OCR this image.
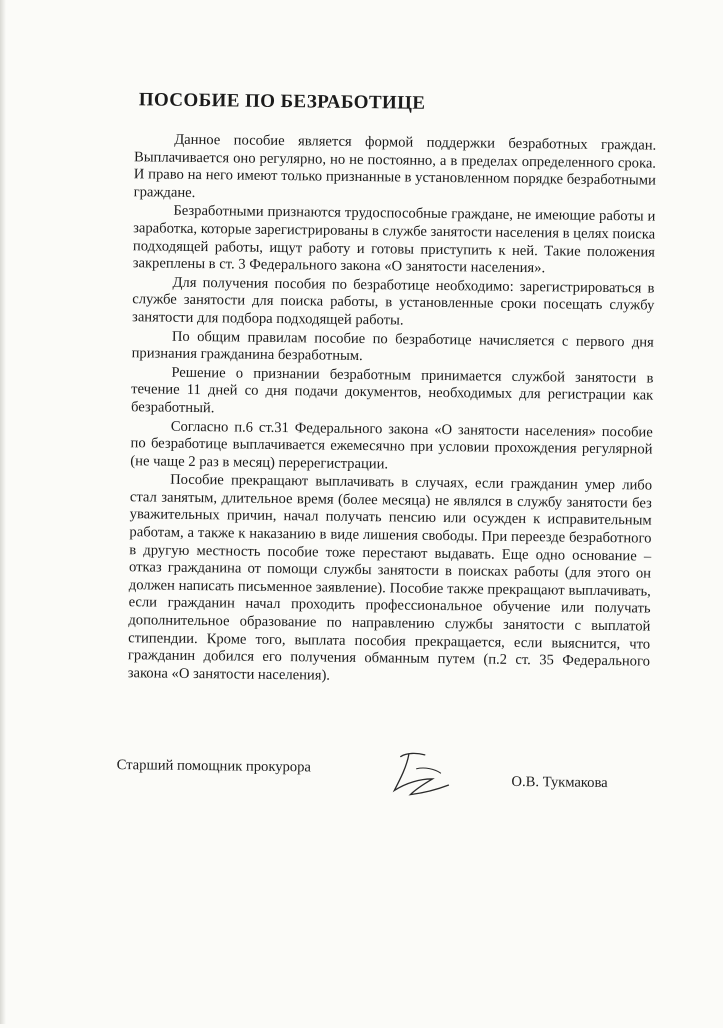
ПОСОБИЕ ПО БЕЗРАБОТИЦЕ

Данное пособие является формой поддержки безработных граждан. Выплачивается оно регулярно, но не постоянно, а в пределах определенного срока. И право на него имеют только признанные в установленном порядке безработными граждане.

Безработными признаются трудоспособные граждане, не имеющие работы и заработка, которые зарегистрированы в службе занятости населения в целях поиска подходящей работы, ищут работу и готовы приступить к ней. Такие положения закреплены в ст. 3 Федерального закона «О занятости населения».

Для получения пособия по безработице необходимо: зарегистрироваться в службе занятости для поиска работы, в установленные сроки посещать службу занятости для подбора подходящей работы.

По общим правилам пособие по безработице начисляется с первого дня признания гражданина безработным.

Решение о признании безработным принимается службой занятости в течение 11 дней со дня подачи документов, необходимых для регистрации как безработный.

Согласно п.6 ст.31 Федерального закона «О занятости населения» пособие по безработице выплачивается ежемесячно при условии прохождения регулярной (не чаще 2 раз в месяц) перерегистрации.

Пособие прекращают выплачивать в случаях, если гражданин умер либо стал занятым, длительное время (более месяца) не являлся в службу занятости без уважительных причин, начал получать пенсию или осужден к исправительным работам, а также к наказанию в виде лишения свободы. При переезде безработного в другую местность пособие тоже перестают выдавать. Еще одно основание – отказ гражданина от помощи службы занятости в поисках работы (для этого он должен написать письменное заявление). Пособие также прекращают выплачивать, если гражданин начал проходить профессиональное обучение или получать дополнительное образование по направлению службы занятости с выплатой стипендии. Кроме того, выплата пособия прекращается, если выяснится, что гражданин добился его получения обманным путем (п.2 ст. 35 Федерального закона «О занятости населения).

Старший помощник прокурора
О.В. Тукмакова
